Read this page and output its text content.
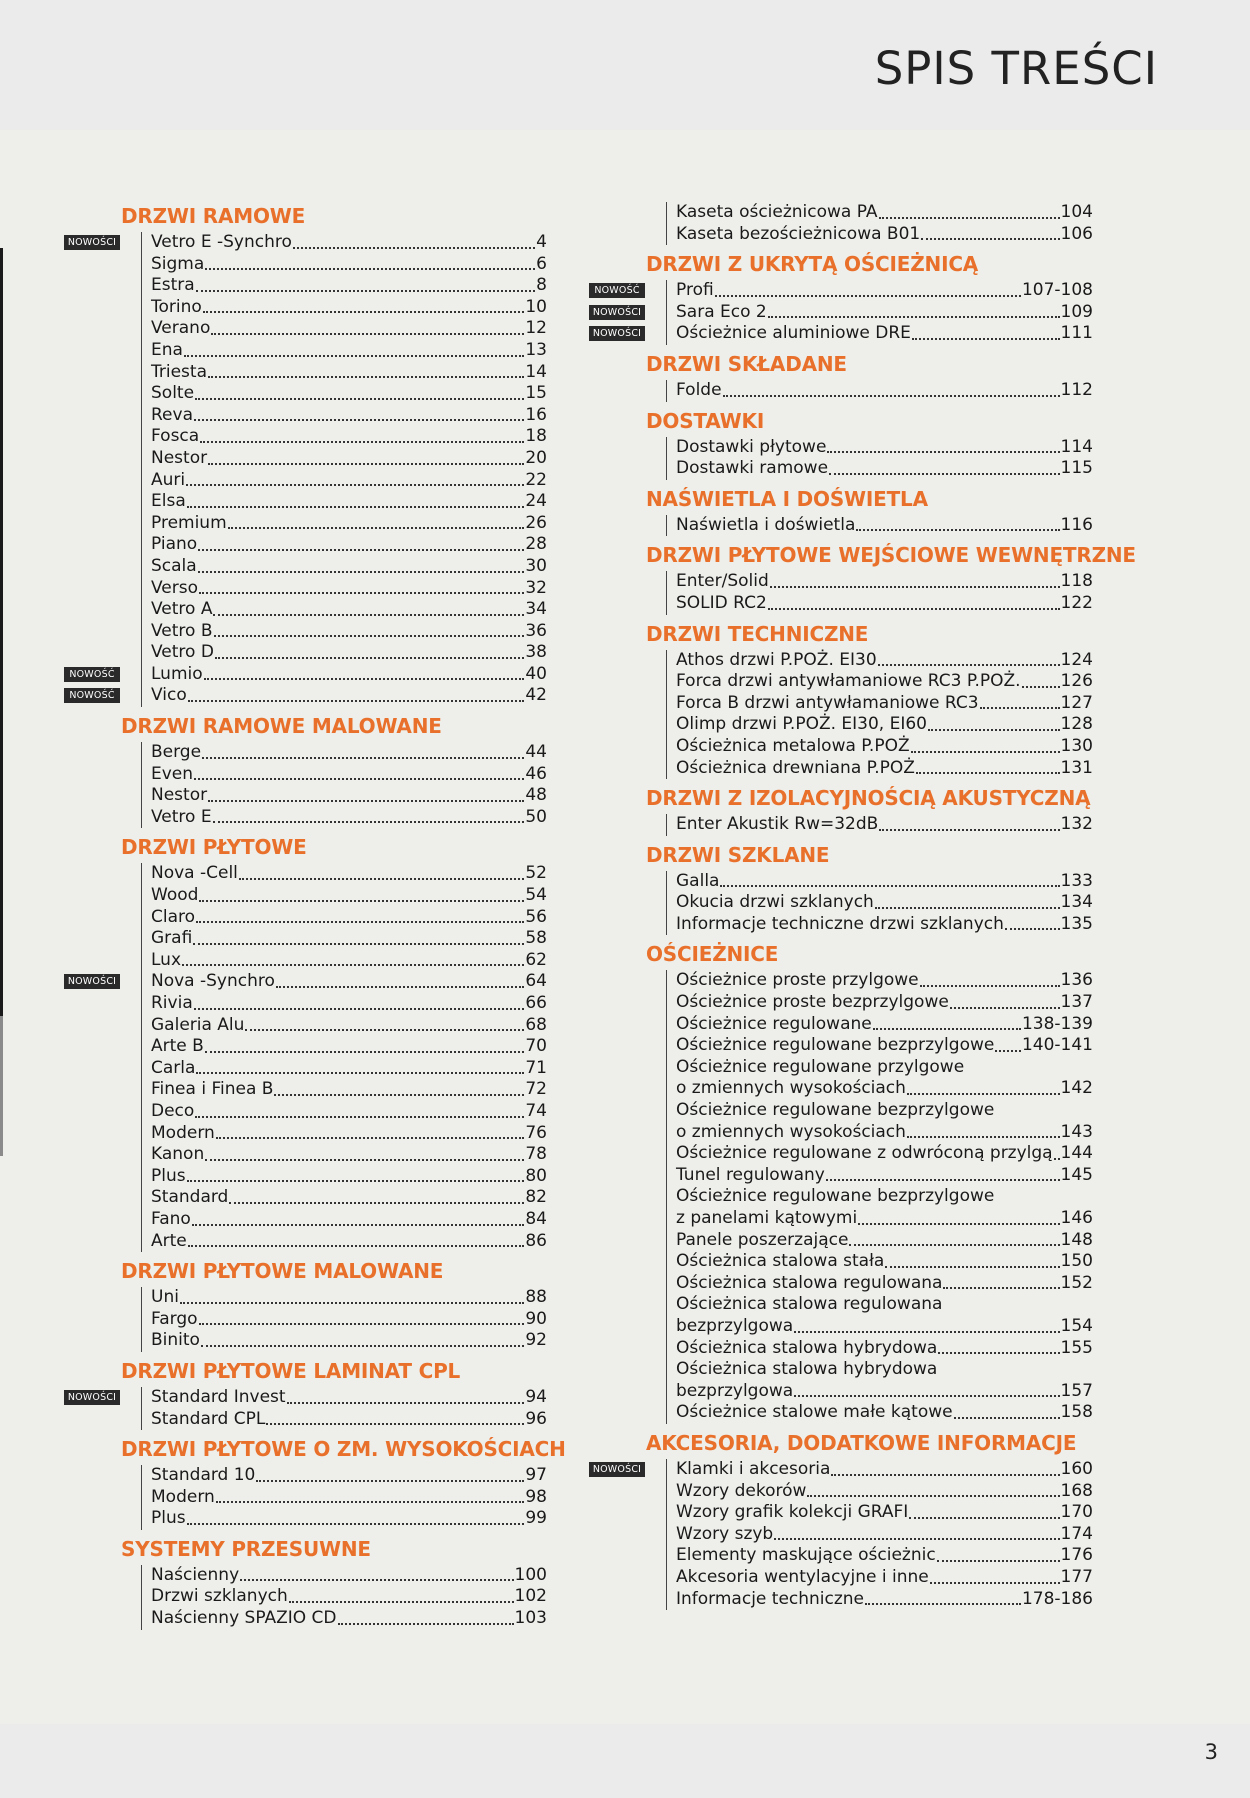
SPIS TREŚCI
DRZWI RAMOWE
NOWOŚCI Vetro E -Synchro	4
Sigma	6
Estra	8
Torino	10
Verano	12
Ena	13
Triesta	14
Solte	15
Reva	16
Fosca	18
Nestor	20
Auri	22
Elsa	24
Premium	26
Piano	28
Scala	30
Verso	32
Vetro A	34
Vetro B	36
Vetro D	38
NOWOŚĆ	Lumio	40
NOWOŚĆ	Vico	42
DRZWI RAMOWE MALOWANE
Berge	44
Even	46
Nestor	48
Vetro E	50
DRZWI PŁYTOWE
Nova -Cell	52
Wood	54
Claro	56
Grafi	58
Lux	62
NOWOŚCI Nova -Synchro	64
Rivia	66
Galeria Alu	68
Arte B	70
Carla	71
Finea i Finea B	72
Deco	74
Modern	76
Kanon	78
Plus	80
Standard	82
Fano	84
Arte	86
DRZWI PŁYTOWE MALOWANE
Uni	88
Fargo	90
Binito	92
DRZWI PŁYTOWE LAMINAT CPL
NOWOŚCI Standard Invest	94
Standard CPL	96
DRZWI PŁYTOWE O ZM. WYSOKOŚCIACH
Standard 10	97
Modern	98
Plus	99
SYSTEMY PRZESUWNE
Naścienny	100
Drzwi szklanych	102
Naścienny SPAZIO CD	103
Kaseta ościeżnicowa PA	104
Kaseta bezościeżnicowa B01	106
DRZWI Z UKRYTĄ OŚCIEŻNICĄ
NOWOŚĆ	Profi	107-108
NOWOŚCI Sara Eco 2	109
NOWOŚCI Ościeżnice aluminiowe DRE	111
DRZWI SKŁADANE
Folde	112
DOSTAWKI
Dostawki płytowe	114
Dostawki ramowe	115
NAŚWIETLA I DOŚWIETLA
Naświetla i doświetla	116
DRZWI PŁYTOWE WEJŚCIOWE WEWNĘTRZNE
Enter/Solid	118
SOLID RC2	122
DRZWI TECHNICZNE
Athos drzwi P.POŻ. EI30	124
Forca drzwi antywłamaniowe RC3 P.POŻ. 126
Forca B drzwi antywłamaniowe RC3	127
Olimp drzwi P.POŻ. EI30, EI60	128
Ościeżnica metalowa P.POŻ	130
Ościeżnica drewniana P.POŻ	131
DRZWI Z IZOLACYJNOŚCIĄ AKUSTYCZNĄ
Enter Akustik Rw=32dB	132
DRZWI SZKLANE
Galla	133
Okucia drzwi szklanych	134
Informacje techniczne drzwi szklanych	135
OŚCIEŻNICE
Ościeżnice proste przylgowe	136
Ościeżnice proste bezprzylgowe	137
Ościeżnice regulowane	138-139
Ościeżnice regulowane bezprzylgowe 140-141
Ościeżnice regulowane przylgowe
o zmiennych wysokościach	142
Ościeżnice regulowane bezprzylgowe
o zmiennych wysokościach	143
Ościeżnice regulowane z odwróconą przylgą 144
Tunel regulowany	145
Ościeżnice regulowane bezprzylgowe
z panelami kątowymi	146
Panele poszerzające	148
Ościeżnica stalowa stała	150
Ościeżnica stalowa regulowana	152
Ościeżnica stalowa regulowana
bezprzylgowa	154
Ościeżnica stalowa hybrydowa	155
Ościeżnica stalowa hybrydowa
bezprzylgowa	157
Ościeżnice stalowe małe kątowe	158
AKCESORIA, DODATKOWE INFORMACJE
NOWOŚCI Klamki i akcesoria	160
Wzory dekorów	168
Wzory grafik kolekcji GRAFI	170
Wzory szyb	174
Elementy maskujące ościeżnic	176
Akcesoria wentylacyjne i inne	177
Informacje techniczne	178-186
3
